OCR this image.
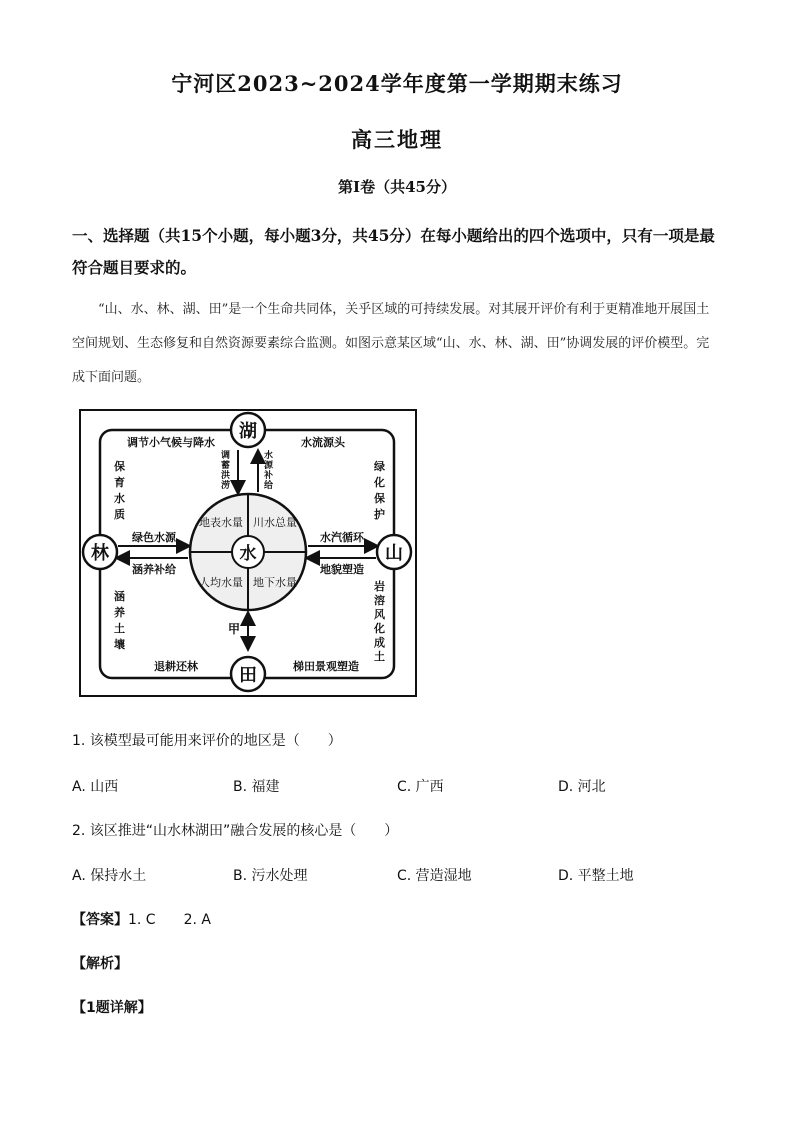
宁河区2023~2024学年度第一学期期末练习
高三地理
第Ⅰ卷（共45分）
一、选择题（共15个小题，每小题3分，共45分）在每小题给出的四个选项中，只有一项是最符合题目要求的。
“山、水、林、湖、田”是一个生命共同体，关乎区域的可持续发展。对其展开评价有利于更精准地开展国土空间规划、生态修复和自然资源要素综合监测。如图示意某区域“山、水、林、湖、田”协调发展的评价模型。完成下面问题。
水
地表水量 川水总量
人均水量 地下水量
湖
林	山
田
调节小气候与降水	水流源头
退耕还林	梯田景观塑造
绿色水源
涵养补给
水汽循环
地貌塑造
甲
保育水质
涵养土壤
绿化保护
岩溶风化成土
调蓄洪涝
水源补给
1. 该模型最可能用来评价的地区是（　　）
A. 山西	B. 福建	C. 广西	D. 河北
2. 该区推进“山水林湖田”融合发展的核心是（　　）
A. 保持水土	B. 污水处理	C. 营造湿地	D. 平整土地
【答案】1. C　　2. A
【解析】
【1题详解】
